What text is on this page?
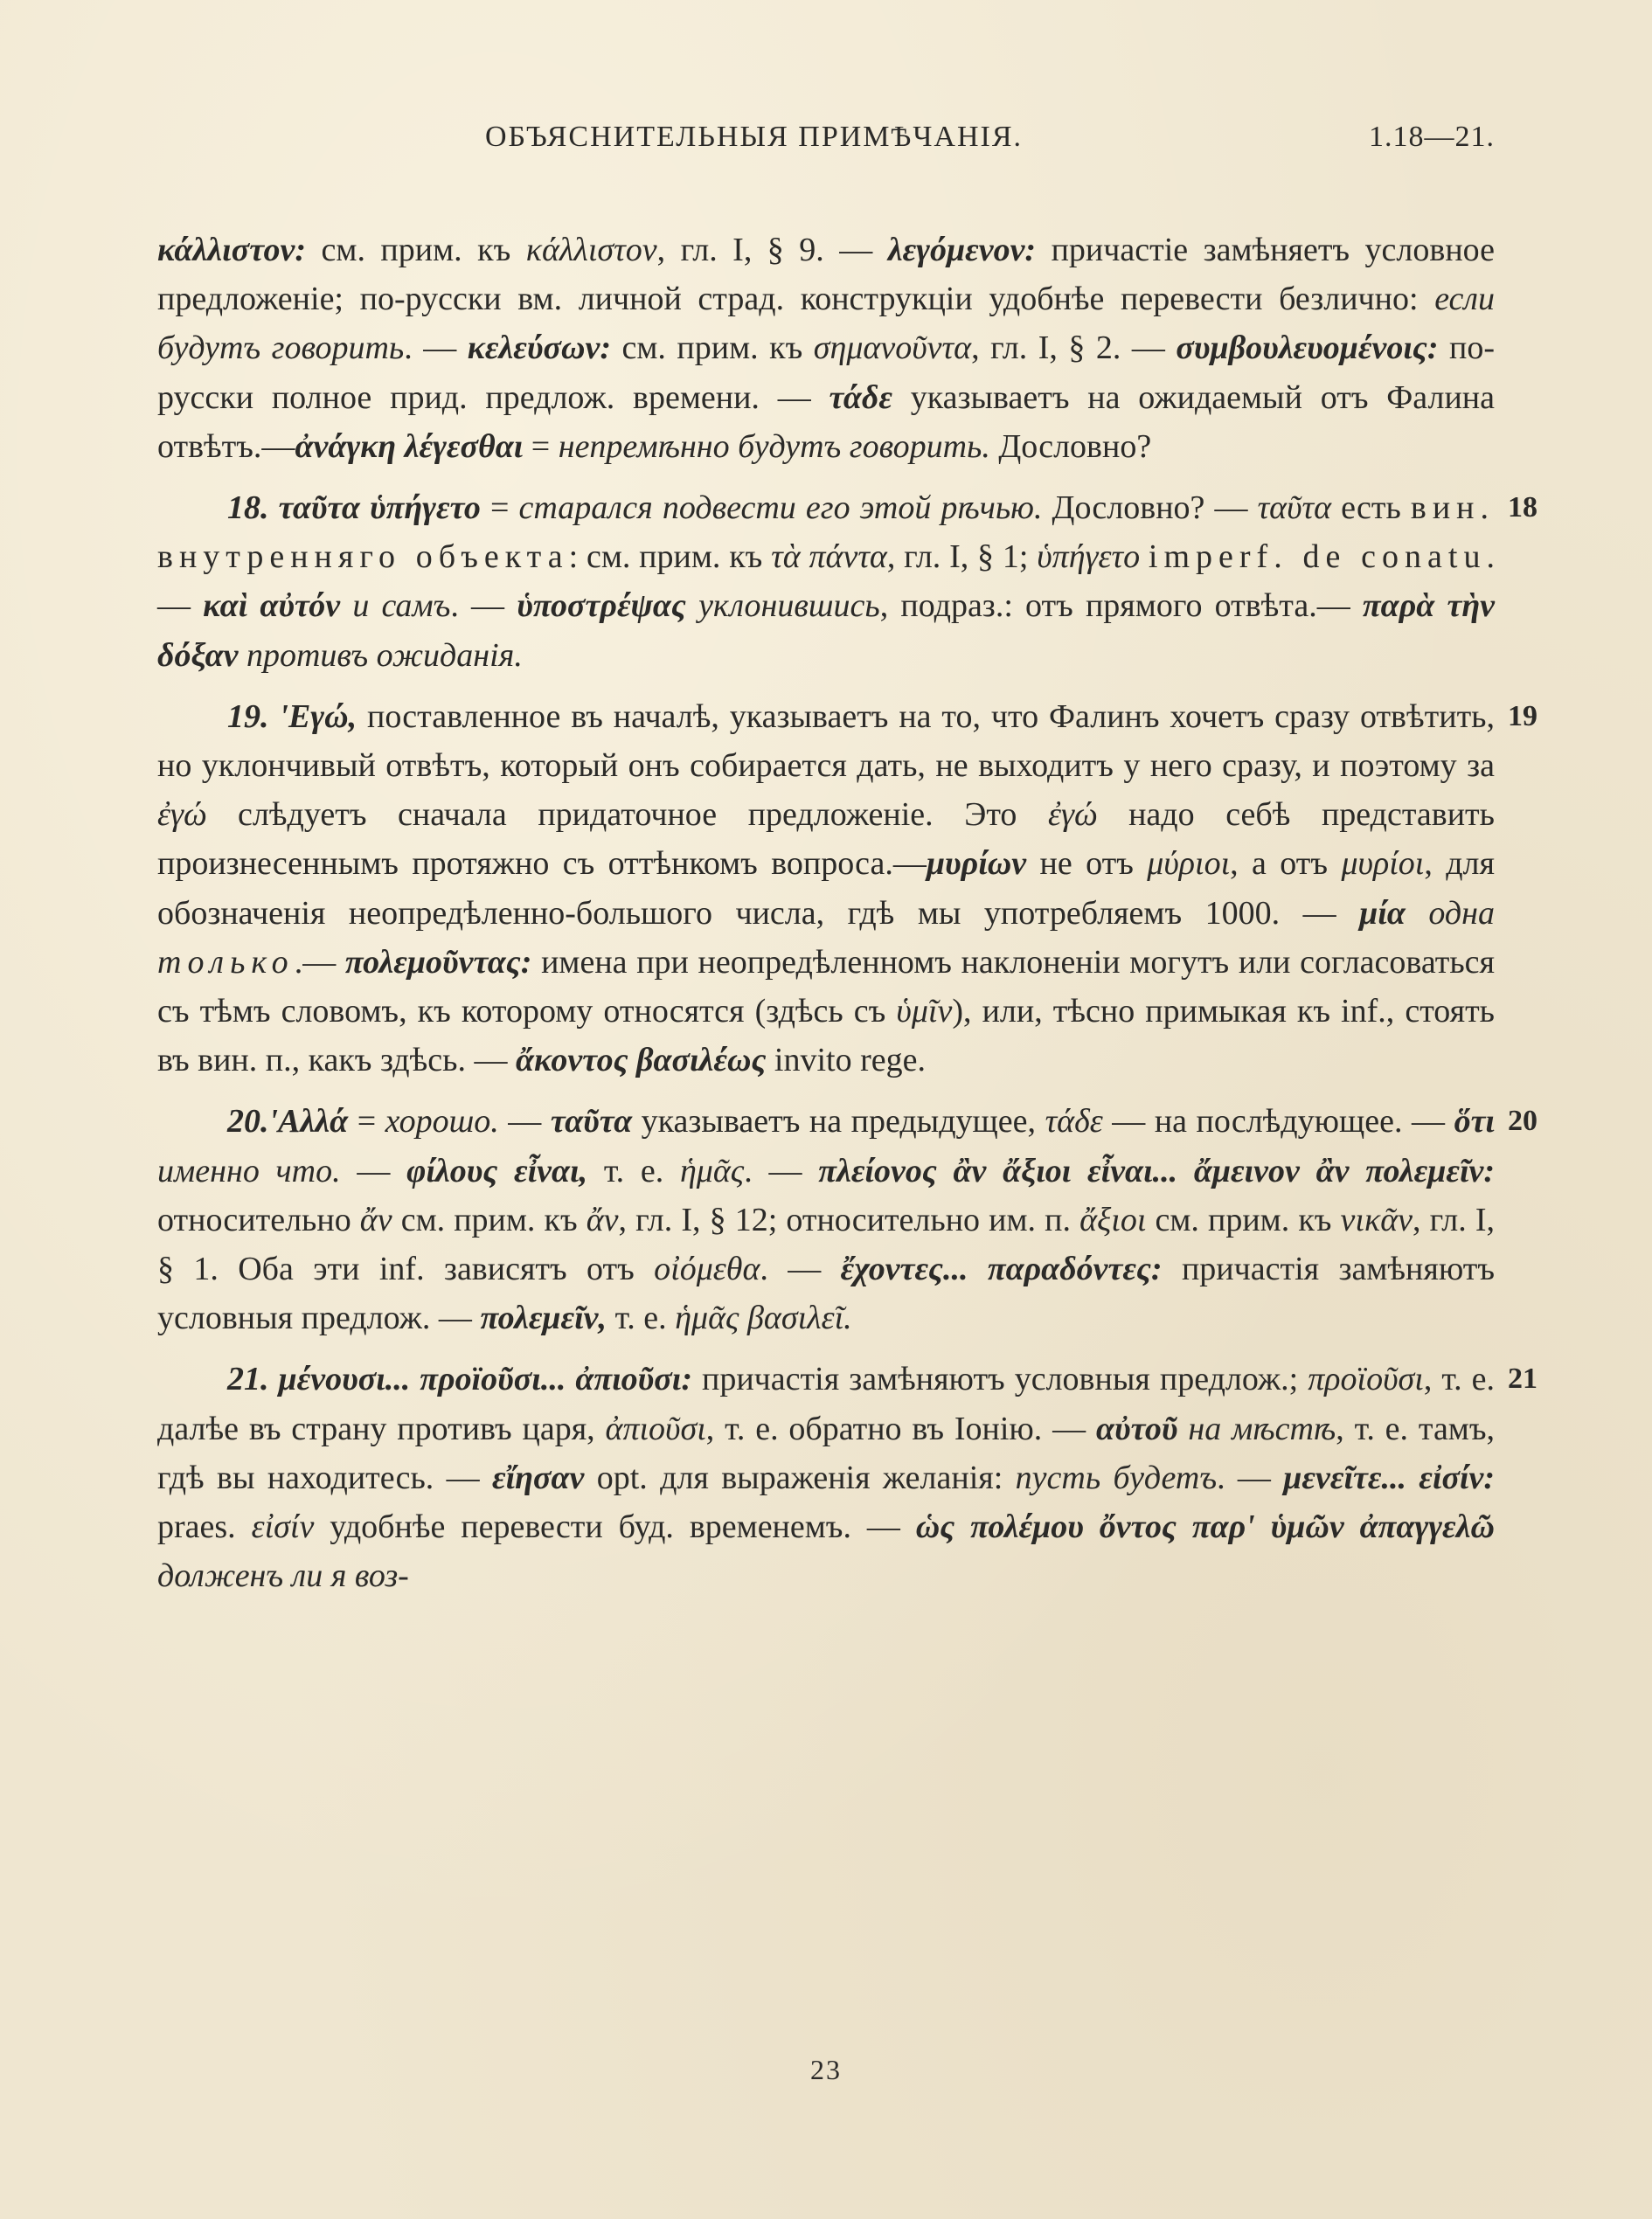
ОБЪЯСНИТЕЛЬНЫЯ ПРИМѢЧАНІЯ.	1.18—21.

κάλλιστον: см. прим. къ κάλλιστον, гл. I, § 9. — λεγόμενον: причастіе замѣняетъ условное предложеніе; по-русски вм. личной страд. конструкціи удобнѣе перевести безлично: если будутъ говорить. — κελεύσων: см. прим. къ σημανοῦντα, гл. I, § 2. — συμβουλευομένοις: по-русски полное прид. предлож. времени. — τάδε указываетъ на ожидаемый отъ Фалина отвѣтъ.—ἀνάγκη λέγεσθαι = непремѣнно будутъ говорить. Дословно?

18. ταῦτα ὑπήγετο = старался подвести его этой рѣчью. Дословно? — ταῦτα есть вин. внутренняго объекта: см. прим. къ τὰ πάντα, гл. I, § 1; ὑπήγετο imperf. de conatu. — καὶ αὐτόν и самъ. — ὑποστρέψας уклонившись, подраз.: отъ прямого отвѣта.— παρὰ τὴν δόξαν противъ ожиданія.
18

19. 'Εγώ, поставленное въ началѣ, указываетъ на то, что Фалинъ хочетъ сразу отвѣтить, но уклончивый отвѣтъ, который онъ собирается дать, не выходитъ у него сразу, и поэтому за ἐγώ слѣдуетъ сначала придаточное предложеніе. Это ἐγώ надо себѣ представить произнесеннымъ протяжно съ оттѣнкомъ вопроса.—μυρίων не отъ μύριοι, а отъ μυρίοι, для обозначенія неопредѣленно-большого числа, гдѣ мы употребляемъ 1000. — μία одна только.— πολεμοῦντας: имена при неопредѣленномъ наклоненіи могутъ или согласоваться съ тѣмъ словомъ, къ которому относятся (здѣсь съ ὑμῖν), или, тѣсно примыкая къ inf., стоять въ вин. п., какъ здѣсь. — ἄκοντος βασιλέως invito rege.
19

20.'Αλλά = хорошо. — ταῦτα указываетъ на предыдущее, τάδε — на послѣдующее. — ὅτι именно что. — φίλους εἶναι, т. е. ἡμᾶς. — πλείονος ἂν ἄξιοι εἶναι... ἄμεινον ἂν πολεμεῖν: относительно ἄν см. прим. къ ἄν, гл. I, § 12; относительно им. п. ἄξιοι см. прим. къ νικᾶν, гл. I, § 1. Оба эти inf. зависятъ отъ οἰόμεθα. — ἔχοντες... παραδόντες: причастія замѣняютъ условныя предлож. — πολεμεῖν, т. е. ἡμᾶς βασιλεῖ.
20

21. μένουσι... προϊοῦσι... ἀπιοῦσι: причастія замѣняютъ условныя предлож.; προϊοῦσι, т. е. далѣе въ страну противъ царя, ἀπιοῦσι, т. е. обратно въ Іонію. — αὐτοῦ на мѣстѣ, т. е. тамъ, гдѣ вы находитесь. — εἴησαν opt. для выраженія желанія: пусть будетъ. — μενεῖτε... εἰσίν: praes. εἰσίν удобнѣе перевести буд. временемъ. — ὡς πολέμου ὄντος παρ' ὑμῶν ἀπαγγελῶ долженъ ли я воз-
21

23
